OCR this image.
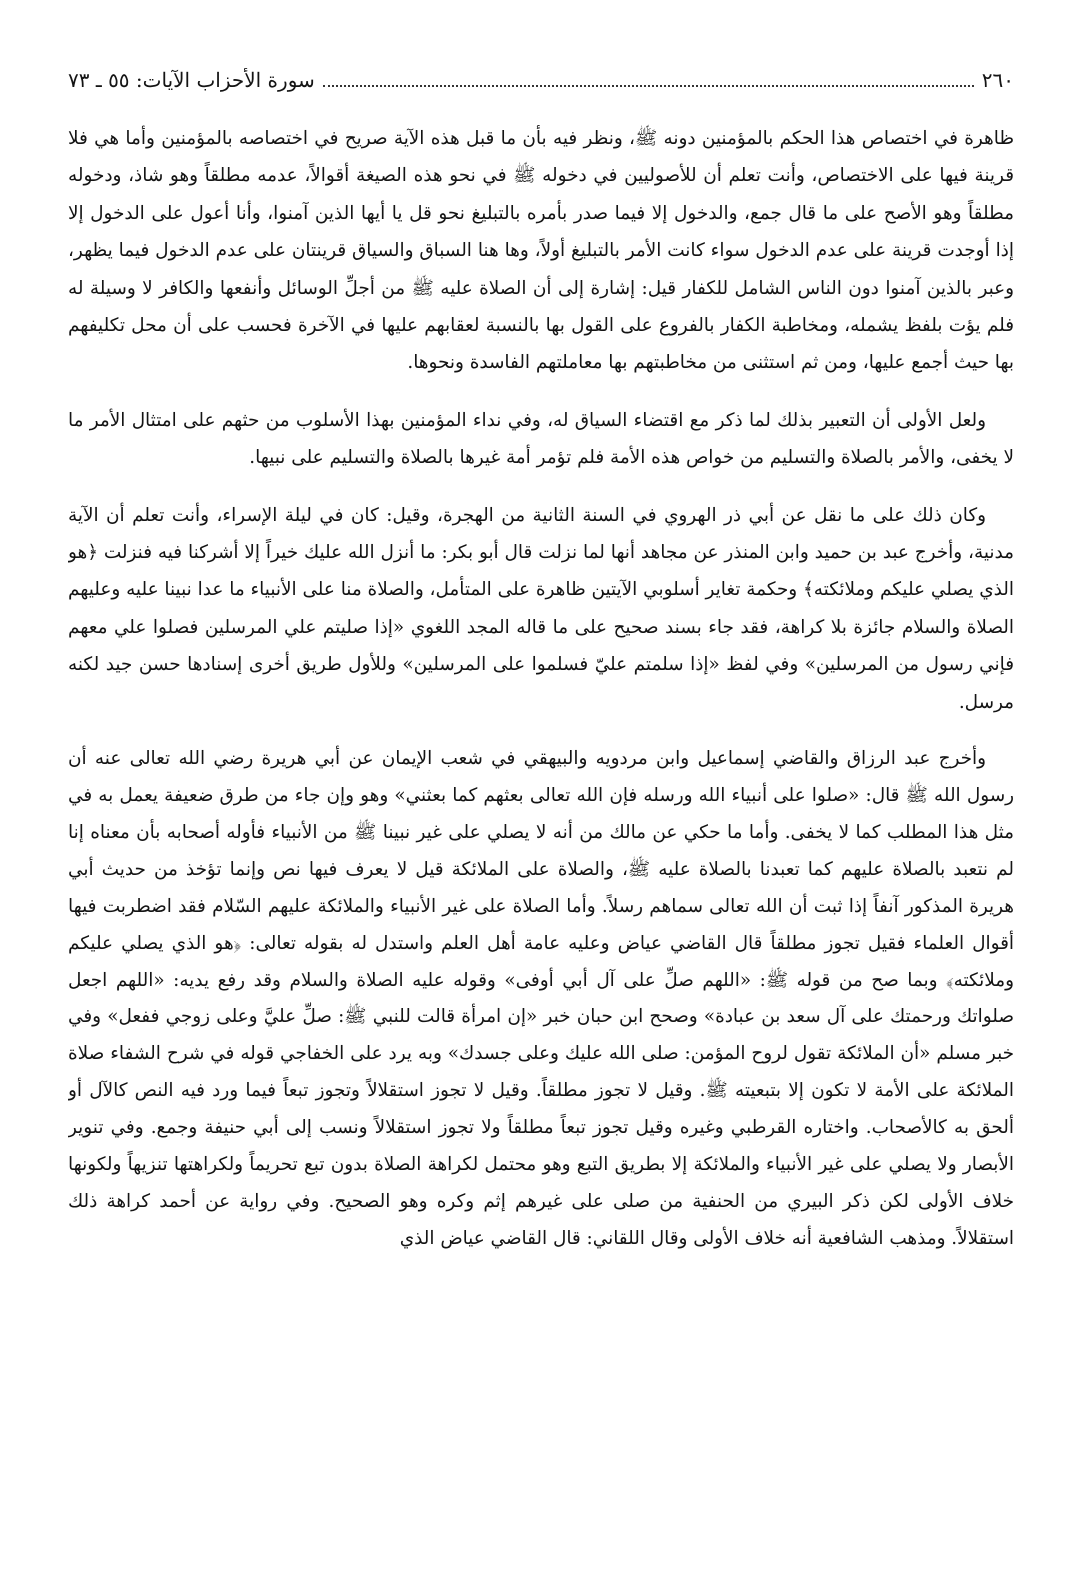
٢٦٠
سورة الأحزاب الآيات: ٥٥ ـ ٧٣

ظاهرة في اختصاص هذا الحكم بالمؤمنين دونه ﷺ، ونظر فيه بأن ما قبل هذه الآية صريح في اختصاصه بالمؤمنين وأما هي فلا قرينة فيها على الاختصاص، وأنت تعلم أن للأصوليين في دخوله ﷺ في نحو هذه الصيغة أقوالاً، عدمه مطلقاً وهو شاذ، ودخوله مطلقاً وهو الأصح على ما قال جمع، والدخول إلا فيما صدر بأمره بالتبليغ نحو قل يا أيها الذين آمنوا، وأنا أعول على الدخول إلا إذا أوجدت قرينة على عدم الدخول سواء كانت الأمر بالتبليغ أولاً، وها هنا السباق والسياق قرينتان على عدم الدخول فيما يظهر، وعبر بالذين آمنوا دون الناس الشامل للكفار قيل: إشارة إلى أن الصلاة عليه ﷺ من أجلِّ الوسائل وأنفعها والكافر لا وسيلة له فلم يؤت بلفظ يشمله، ومخاطبة الكفار بالفروع على القول بها بالنسبة لعقابهم عليها في الآخرة فحسب على أن محل تكليفهم بها حيث أجمع عليها، ومن ثم استثنى من مخاطبتهم بها معاملتهم الفاسدة ونحوها.

ولعل الأولى أن التعبير بذلك لما ذكر مع اقتضاء السياق له، وفي نداء المؤمنين بهذا الأسلوب من حثهم على امتثال الأمر ما لا يخفى، والأمر بالصلاة والتسليم من خواص هذه الأمة فلم تؤمر أمة غيرها بالصلاة والتسليم على نبيها.

وكان ذلك على ما نقل عن أبي ذر الهروي في السنة الثانية من الهجرة، وقيل: كان في ليلة الإسراء، وأنت تعلم أن الآية مدنية، وأخرج عبد بن حميد وابن المنذر عن مجاهد أنها لما نزلت قال أبو بكر: ما أنزل الله عليك خيراً إلا أشركنا فيه فنزلت ﴿هو الذي يصلي عليكم وملائكته﴾ وحكمة تغاير أسلوبي الآيتين ظاهرة على المتأمل، والصلاة منا على الأنبياء ما عدا نبينا عليه وعليهم الصلاة والسلام جائزة بلا كراهة، فقد جاء بسند صحيح على ما قاله المجد اللغوي «إذا صليتم علي المرسلين فصلوا علي معهم فإني رسول من المرسلين» وفي لفظ «إذا سلمتم عليّ فسلموا على المرسلين» وللأول طريق أخرى إسنادها حسن جيد لكنه مرسل.

وأخرج عبد الرزاق والقاضي إسماعيل وابن مردويه والبيهقي في شعب الإيمان عن أبي هريرة رضي الله تعالى عنه أن رسول الله ﷺ قال: «صلوا على أنبياء الله ورسله فإن الله تعالى بعثهم كما بعثني» وهو وإن جاء من طرق ضعيفة يعمل به في مثل هذا المطلب كما لا يخفى. وأما ما حكي عن مالك من أنه لا يصلي على غير نبينا ﷺ من الأنبياء فأوله أصحابه بأن معناه إنا لم نتعبد بالصلاة عليهم كما تعبدنا بالصلاة عليه ﷺ، والصلاة على الملائكة قيل لا يعرف فيها نص وإنما تؤخذ من حديث أبي هريرة المذكور آنفاً إذا ثبت أن الله تعالى سماهم رسلاً. وأما الصلاة على غير الأنبياء والملائكة عليهم السّلام فقد اضطربت فيها أقوال العلماء فقيل تجوز مطلقاً قال القاضي عياض وعليه عامة أهل العلم واستدل له بقوله تعالى: ﴿هو الذي يصلي عليكم وملائكته﴾ وبما صح من قوله ﷺ: «اللهم صلِّ على آل أبي أوفى» وقوله عليه الصلاة والسلام وقد رفع يديه: «اللهم اجعل صلواتك ورحمتك على آل سعد بن عبادة» وصحح ابن حبان خبر «إن امرأة قالت للنبي ﷺ: صلِّ عليَّ وعلى زوجي ففعل» وفي خبر مسلم «أن الملائكة تقول لروح المؤمن: صلى الله عليك وعلى جسدك» وبه يرد على الخفاجي قوله في شرح الشفاء صلاة الملائكة على الأمة لا تكون إلا بتبعيته ﷺ. وقيل لا تجوز مطلقاً. وقيل لا تجوز استقلالاً وتجوز تبعاً فيما ورد فيه النص كالآل أو ألحق به كالأصحاب. واختاره القرطبي وغيره وقيل تجوز تبعاً مطلقاً ولا تجوز استقلالاً ونسب إلى أبي حنيفة وجمع. وفي تنوير الأبصار ولا يصلي على غير الأنبياء والملائكة إلا بطريق التبع وهو محتمل لكراهة الصلاة بدون تبع تحريماً ولكراهتها تنزيهاً ولكونها خلاف الأولى لكن ذكر البيري من الحنفية من صلى على غيرهم إثم وكره وهو الصحيح. وفي رواية عن أحمد كراهة ذلك استقلالاً. ومذهب الشافعية أنه خلاف الأولى وقال اللقاني: قال القاضي عياض الذي
